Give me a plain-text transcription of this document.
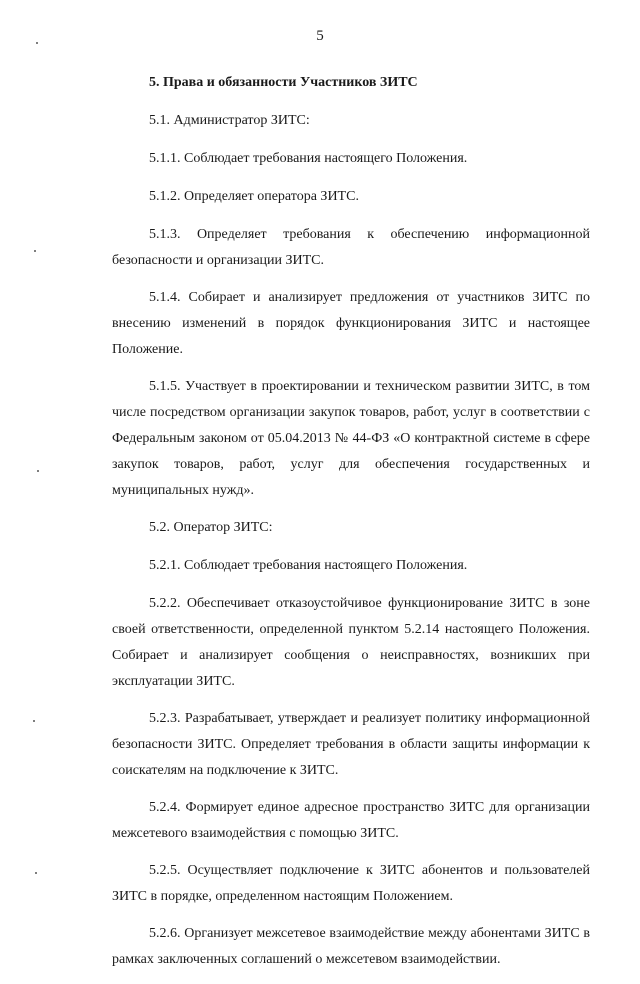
5
5. Права и обязанности Участников ЗИТС

5.1. Администратор ЗИТС:

5.1.1. Соблюдает требования настоящего Положения.

5.1.2. Определяет оператора ЗИТС.

5.1.3. Определяет требования к обеспечению информационной безопасности и организации ЗИТС.

5.1.4. Собирает и анализирует предложения от участников ЗИТС по внесению изменений в порядок функционирования ЗИТС и настоящее Положение.

5.1.5. Участвует в проектировании и техническом развитии ЗИТС, в том числе посредством организации закупок товаров, работ, услуг в соответствии с Федеральным законом от 05.04.2013 № 44-ФЗ «О контрактной системе в сфере закупок товаров, работ, услуг для обеспечения государственных и муниципальных нужд».

5.2. Оператор ЗИТС:

5.2.1. Соблюдает требования настоящего Положения.

5.2.2. Обеспечивает отказоустойчивое функционирование ЗИТС в зоне своей ответственности, определенной пунктом 5.2.14 настоящего Положения. Собирает и анализирует сообщения о неисправностях, возникших при эксплуатации ЗИТС.

5.2.3. Разрабатывает, утверждает и реализует политику информационной безопасности ЗИТС. Определяет требования в области защиты информации к соискателям на подключение к ЗИТС.

5.2.4. Формирует единое адресное пространство ЗИТС для организации межсетевого взаимодействия с помощью ЗИТС.

5.2.5. Осуществляет подключение к ЗИТС абонентов и пользователей ЗИТС в порядке, определенном настоящим Положением.

5.2.6. Организует межсетевое взаимодействие между абонентами ЗИТС в рамках заключенных соглашений о межсетевом взаимодействии.
